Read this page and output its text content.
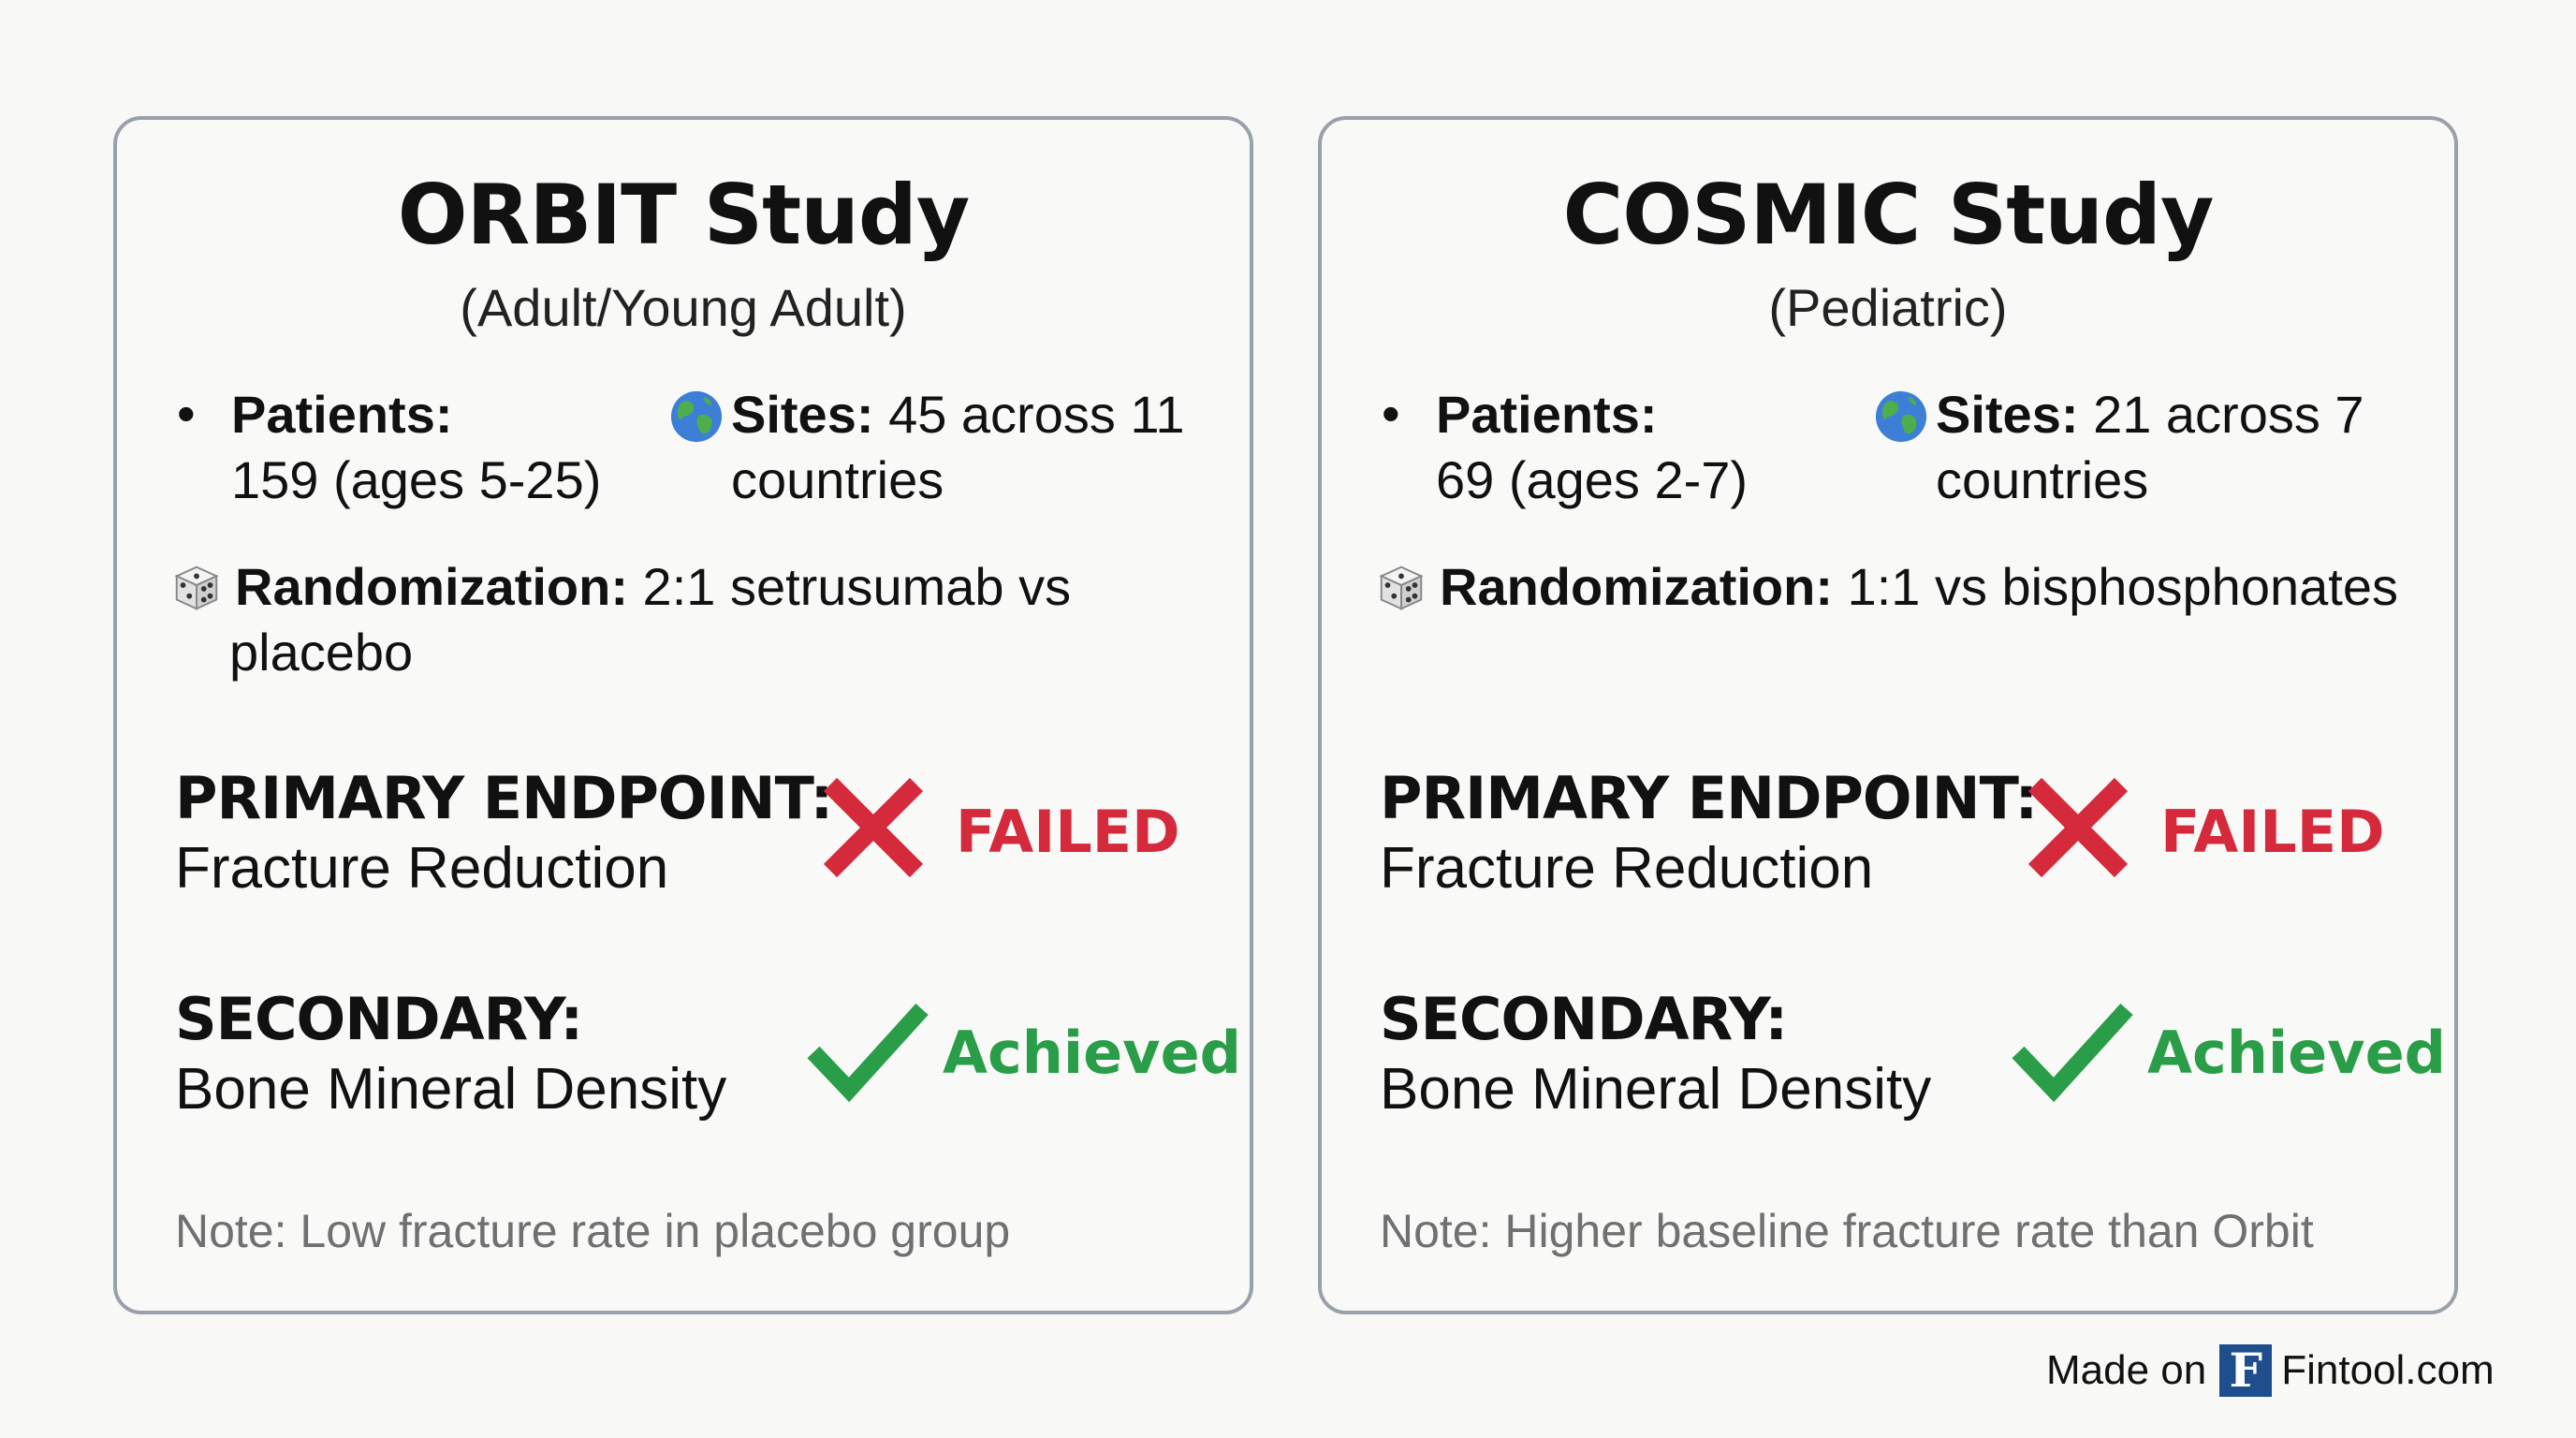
ORBIT Study
(Adult/Young Adult)
• Patients:
159 (ages 5-25)
Sites: 45 across 11
countries
Randomization: 2:1 setrusumab vs
placebo
PRIMARY ENDPOINT:
Fracture Reduction
FAILED
SECONDARY:
Bone Mineral Density
Achieved
Note: Low fracture rate in placebo group
COSMIC Study
(Pediatric)
• Patients:
69 (ages 2-7)
Sites: 21 across 7
countries
Randomization: 1:1 vs bisphosphonates
PRIMARY ENDPOINT:
Fracture Reduction
FAILED
SECONDARY:
Bone Mineral Density
Achieved
Note: Higher baseline fracture rate than Orbit
Made on F Fintool.com
